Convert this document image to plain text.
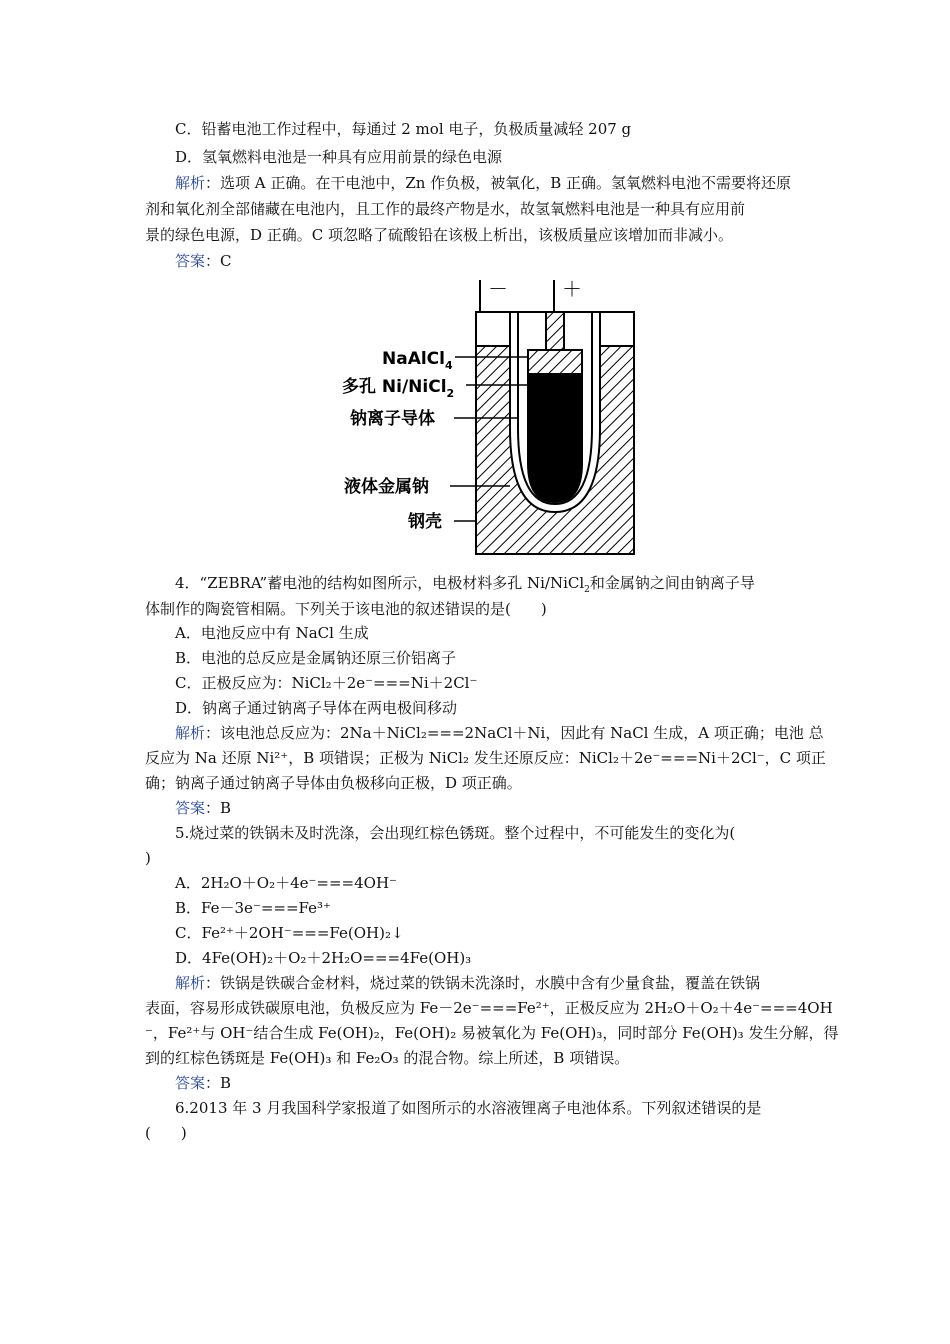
C．铅蓄电池工作过程中，每通过 2 mol 电子，负极质量减轻 207 g
D．氢氧燃料电池是一种具有应用前景的绿色电源
解析：选项 A 正确。在干电池中，Zn 作负极，被氧化，B 正确。氢氧燃料电池不需要将还原
剂和氧化剂全部储藏在电池内，且工作的最终产物是水，故氢氧燃料电池是一种具有应用前
景的绿色电源，D 正确。C 项忽略了硫酸铅在该极上析出，该极质量应该增加而非减小。
答案：C
－	＋
NaAlCl$_4$
多孔 Ni/NiCl$_2$
钠离子导体
液体金属钠
钢壳
4．“ZEBRA”蓄电池的结构如图所示，电极材料多孔 Ni/NiCl$_2$和金属钠之间由钠离子导
体制作的陶瓷管相隔。下列关于该电池的叙述错误的是(　　)
A．电池反应中有 NaCl 生成
B．电池的总反应是金属钠还原三价铝离子
C．正极反应为：NiCl₂＋2e⁻===Ni＋2Cl⁻
D．钠离子通过钠离子导体在两电极间移动
解析：该电池总反应为：2Na＋NiCl₂===2NaCl＋Ni，因此有 NaCl 生成，A 项正确；电池 总
反应为 Na 还原 Ni²⁺，B 项错误；正极为 NiCl₂ 发生还原反应：NiCl₂＋2e⁻===Ni＋2Cl⁻，C 项正
确；钠离子通过钠离子导体由负极移向正极，D 项正确。
答案：B
5.烧过菜的铁锅未及时洗涤，会出现红棕色锈斑。整个过程中，不可能发生的变化为(
)
A．2H₂O＋O₂＋4e⁻===4OH⁻
B．Fe－3e⁻===Fe³⁺
C．Fe²⁺＋2OH⁻===Fe(OH)₂↓
D．4Fe(OH)₂＋O₂＋2H₂O===4Fe(OH)₃
解析：铁锅是铁碳合金材料，烧过菜的铁锅未洗涤时，水膜中含有少量食盐，覆盖在铁锅
表面，容易形成铁碳原电池，负极反应为 Fe－2e⁻===Fe²⁺，正极反应为 2H₂O＋O₂＋4e⁻===4OH
⁻，Fe²⁺与 OH⁻结合生成 Fe(OH)₂，Fe(OH)₂ 易被氧化为 Fe(OH)₃，同时部分 Fe(OH)₃ 发生分解，得
到的红棕色锈斑是 Fe(OH)₃ 和 Fe₂O₃ 的混合物。综上所述，B 项错误。
答案：B
6.2013 年 3 月我国科学家报道了如图所示的水溶液锂离子电池体系。下列叙述错误的是
(　　)
